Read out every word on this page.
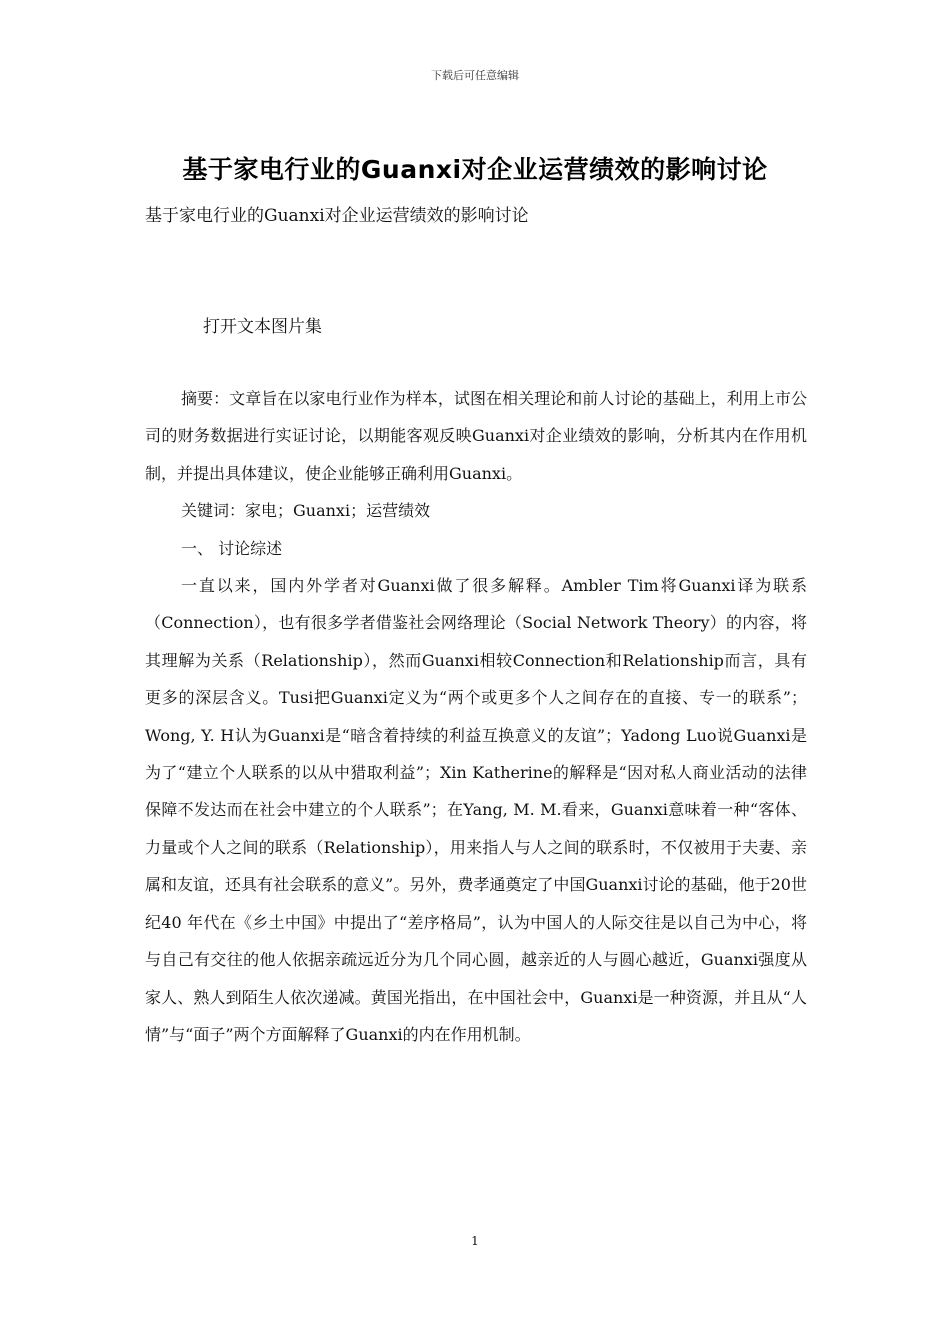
下载后可任意编辑
基于家电行业的Guanxi对企业运营绩效的影响讨论
基于家电行业的Guanxi对企业运营绩效的影响讨论
打开文本图片集

摘要：文章旨在以家电行业作为样本，试图在相关理论和前人讨论的基础上，利用上市公司的财务数据进行实证讨论，以期能客观反映Guanxi对企业绩效的影响，分析其内在作用机制，并提出具体建议，使企业能够正确利用Guanxi。

关键词：家电；Guanxi；运营绩效

一、 讨论综述

一直以来，国内外学者对Guanxi做了很多解释。Ambler Tim将Guanxi译为联系（Connection），也有很多学者借鉴社会网络理论（Social Network Theory）的内容，将其理解为关系（Relationship），然而Guanxi相较Connection和Relationship而言，具有更多的深层含义。Tusi把Guanxi定义为“两个或更多个人之间存在的直接、专一的联系”；Wong, Y. H认为Guanxi是“暗含着持续的利益互换意义的友谊”；Yadong Luo说Guanxi是为了“建立个人联系的以从中猎取利益”；Xin Katherine的解释是“因对私人商业活动的法律保障不发达而在社会中建立的个人联系”；在Yang, M. M.看来，Guanxi意味着一种“客体、力量或个人之间的联系（Relationship），用来指人与人之间的联系时，不仅被用于夫妻、亲属和友谊，还具有社会联系的意义”。另外，费孝通奠定了中国Guanxi讨论的基础，他于20世纪40 年代在《乡土中国》中提出了“差序格局”，认为中国人的人际交往是以自己为中心，将与自己有交往的他人依据亲疏远近分为几个同心圆，越亲近的人与圆心越近，Guanxi强度从家人、熟人到陌生人依次递减。黄国光指出，在中国社会中，Guanxi是一种资源，并且从“人情”与“面子”两个方面解释了Guanxi的内在作用机制。

1
